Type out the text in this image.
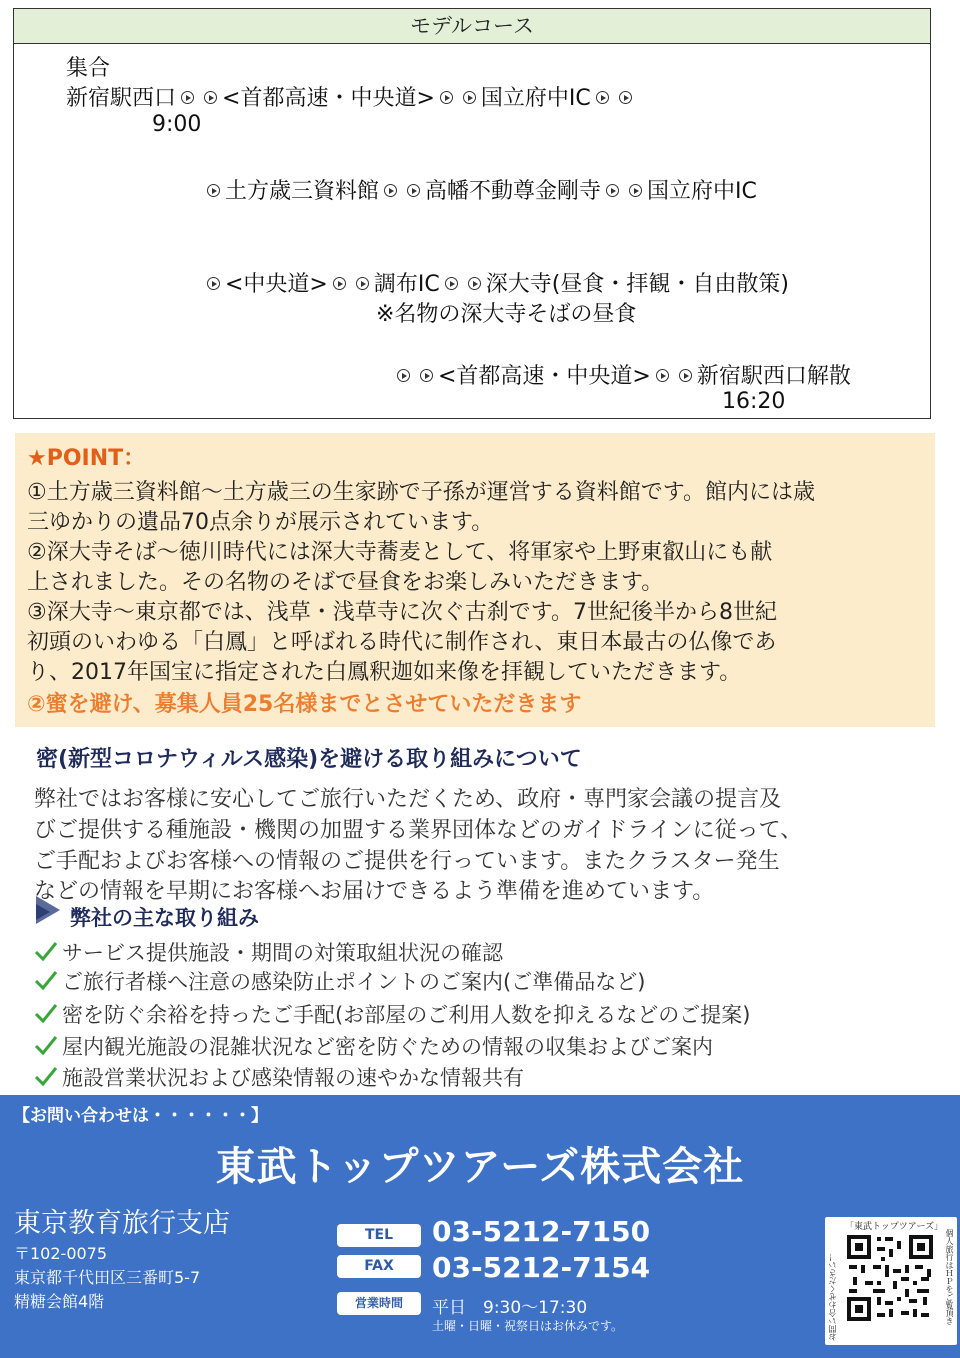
モデルコース
集合
新宿駅西口 <首都高速・中央道> 国立府中IC
9:00
土方歳三資料館 高幡不動尊金剛寺 国立府中IC
<中央道> 調布IC 深大寺(昼食・拝観・自由散策)
※名物の深大寺そばの昼食
<首都高速・中央道> 新宿駅西口解散
16:20
★POINT：
①土方歳三資料館～土方歳三の生家跡で子孫が運営する資料館です。館内には歳
三ゆかりの遺品70点余りが展示されています。
②深大寺そば～徳川時代には深大寺蕎麦として、将軍家や上野東叡山にも献
上されました。その名物のそばで昼食をお楽しみいただきます。
③深大寺～東京都では、浅草・浅草寺に次ぐ古刹です。7世紀後半から8世紀
初頭のいわゆる「白鳳」と呼ばれる時代に制作され、東日本最古の仏像であ
り、2017年国宝に指定された白鳳釈迦如来像を拝観していただきます。
②蜜を避け、募集人員25名様までとさせていただきます
密(新型コロナウィルス感染)を避ける取り組みについて
弊社ではお客様に安心してご旅行いただくため、政府・専門家会議の提言及
びご提供する種施設・機関の加盟する業界団体などのガイドラインに従って、
ご手配およびお客様への情報のご提供を行っています。またクラスター発生
などの情報を早期にお客様へお届けできるよう準備を進めています。
弊社の主な取り組み
サービス提供施設・期間の対策取組状況の確認
ご旅行者様へ注意の感染防止ポイントのご案内(ご準備品など)
密を防ぐ余裕を持ったご手配(お部屋のご利用人数を抑えるなどのご提案)
屋内観光施設の混雑状況など密を防ぐための情報の収集およびご案内
施設営業状況および感染情報の速やかな情報共有
【お問い合わせは・・・・・・】
東武トップツアーズ株式会社
東京教育旅行支店
〒102-0075
東京都千代田区三番町5-7
精糖会館4階
TEL	03-5212-7150
FAX	03-5212-7154
営業時間	平日　9:30～17:30
土曜・日曜・祝祭日はお休みです。
「東武トップツアーズ」
お問い合わせください！	個人旅行はＨＰをご覧頂き
